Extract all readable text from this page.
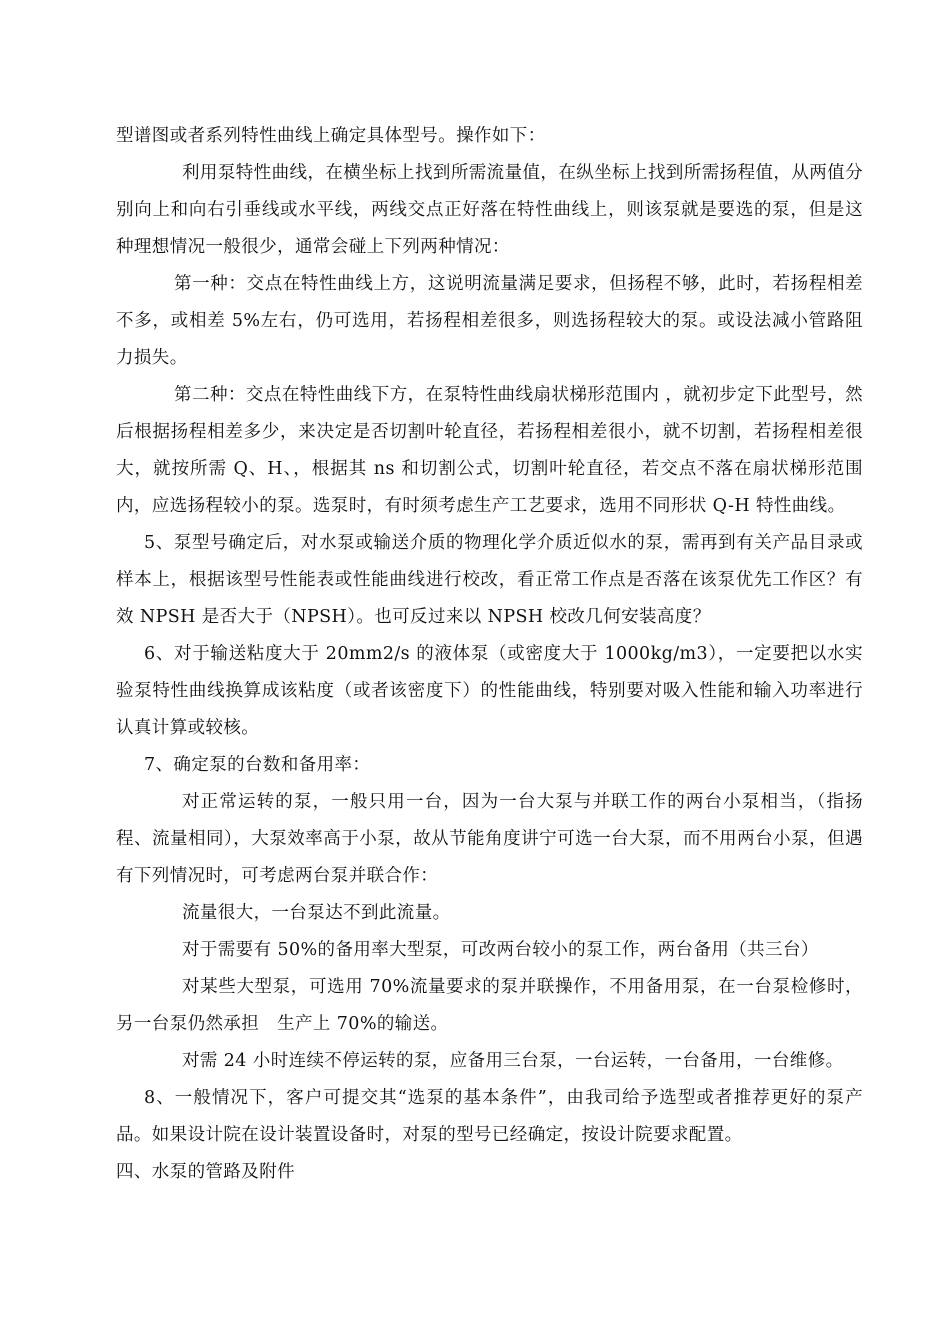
型谱图或者系列特性曲线上确定具体型号。操作如下：

利用泵特性曲线，在横坐标上找到所需流量值，在纵坐标上找到所需扬程值，从两值分别向上和向右引垂线或水平线，两线交点正好落在特性曲线上，则该泵就是要选的泵，但是这种理想情况一般很少，通常会碰上下列两种情况：

第一种：交点在特性曲线上方，这说明流量满足要求，但扬程不够，此时，若扬程相差不多，或相差 5%左右，仍可选用，若扬程相差很多，则选扬程较大的泵。或设法减小管路阻力损失。

第二种：交点在特性曲线下方，在泵特性曲线扇状梯形范围内 ，就初步定下此型号，然后根据扬程相差多少，来决定是否切割叶轮直径，若扬程相差很小，就不切割，若扬程相差很大，就按所需 Q、H、，根据其 ns 和切割公式，切割叶轮直径，若交点不落在扇状梯形范围内，应选扬程较小的泵。选泵时，有时须考虑生产工艺要求，选用不同形状 Q-H 特性曲线。

5、泵型号确定后，对水泵或输送介质的物理化学介质近似水的泵，需再到有关产品目录或样本上，根据该型号性能表或性能曲线进行校改，看正常工作点是否落在该泵优先工作区？有效 NPSH 是否大于（NPSH）。也可反过来以 NPSH 校改几何安装高度？

6、对于输送粘度大于 20mm2/s 的液体泵（或密度大于 1000kg/m3），一定要把以水实验泵特性曲线换算成该粘度（或者该密度下）的性能曲线，特别要对吸入性能和输入功率进行认真计算或较核。

7、确定泵的台数和备用率：

对正常运转的泵，一般只用一台，因为一台大泵与并联工作的两台小泵相当，（指扬程、流量相同），大泵效率高于小泵，故从节能角度讲宁可选一台大泵，而不用两台小泵，但遇有下列情况时，可考虑两台泵并联合作：

流量很大，一台泵达不到此流量。

对于需要有 50%的备用率大型泵，可改两台较小的泵工作，两台备用（共三台）

对某些大型泵，可选用 70%流量要求的泵并联操作，不用备用泵，在一台泵检修时，另一台泵仍然承担　生产上 70%的输送。

对需 24 小时连续不停运转的泵，应备用三台泵，一台运转，一台备用，一台维修。

8、一般情况下，客户可提交其“选泵的基本条件”，由我司给予选型或者推荐更好的泵产品。如果设计院在设计装置设备时，对泵的型号已经确定，按设计院要求配置。

四、水泵的管路及附件
